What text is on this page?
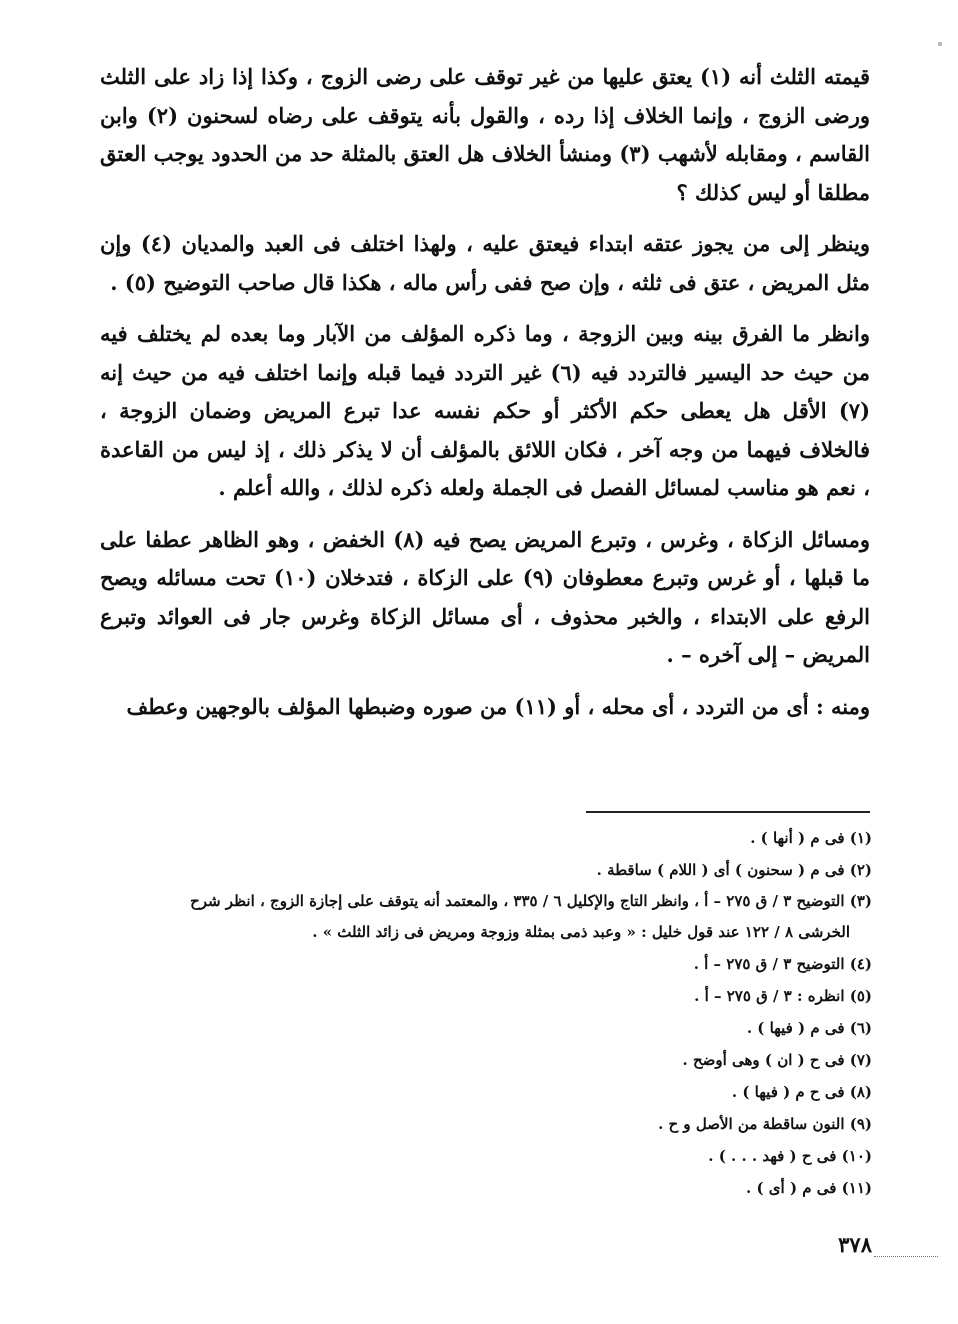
قيمته الثلث أنه (١) يعتق عليها من غير توقف على رضى الزوج ، وكذا إذا زاد على الثلث ورضى الزوج ، وإنما الخلاف إذا رده ، والقول بأنه يتوقف على رضاه لسحنون (٢) وابن القاسم ، ومقابله لأشهب (٣) ومنشأ الخلاف هل العتق بالمثلة حد من الحدود يوجب العتق مطلقا أو ليس كذلك ؟

وينظر إلى من يجوز عتقه ابتداء فيعتق عليه ، ولهذا اختلف فى العبد والمديان (٤) وإن مثل المريض ، عتق فى ثلثه ، وإن صح ففى رأس ماله ، هكذا قال صاحب التوضيح (٥) .

وانظر ما الفرق بينه وبين الزوجة ، وما ذكره المؤلف من الآبار وما بعده لم يختلف فيه من حيث حد اليسير فالتردد فيه (٦) غير التردد فيما قبله وإنما اختلف فيه من حيث إنه (٧) الأقل هل يعطى حكم الأكثر أو حكم نفسه عدا تبرع المريض وضمان الزوجة ، فالخلاف فيهما من وجه آخر ، فكان اللائق بالمؤلف أن لا يذكر ذلك ، إذ ليس من القاعدة ، نعم هو مناسب لمسائل الفصل فى الجملة ولعله ذكره لذلك ، والله أعلم .

ومسائل الزكاة ، وغرس ، وتبرع المريض يصح فيه (٨) الخفض ، وهو الظاهر عطفا على ما قبلها ، أو غرس وتبرع معطوفان (٩) على الزكاة ، فتدخلان (١٠) تحت مسائله ويصح الرفع على الابتداء ، والخبر محذوف ، أى مسائل الزكاة وغرس جار فى العوائد وتبرع المريض – إلى آخره – .

ومنه : أى من التردد ، أى محله ، أو (١١) من صوره وضبطها المؤلف بالوجهين وعطف

(١) فى م ( أنها ) .

(٢) فى م ( سحنون ) أى ( اللام ) ساقطة .

(٣) التوضيح ٣ / ق ٢٧٥ – أ ، وانظر التاج والإكليل ٦ / ٣٣٥ ، والمعتمد أنه يتوقف على إجازة الزوج ، انظر شرح
الخرشى ٨ / ١٢٢ عند قول خليل : « وعبد ذمى بمثلة وزوجة ومريض فى زائد الثلث » .

(٤) التوضيح ٣ / ق ٢٧٥ – أ .

(٥) انظره : ٣ / ق ٢٧٥ – أ .

(٦) فى م ( فيها ) .

(٧) فى ح ( ان ) وهى أوضح .

(٨) فى ح م ( فيها ) .

(٩) النون ساقطة من الأصل و ح .

(١٠) فى ح ( فهد . . . ) .

(١١) فى م ( أى ) .

٣٧٨
